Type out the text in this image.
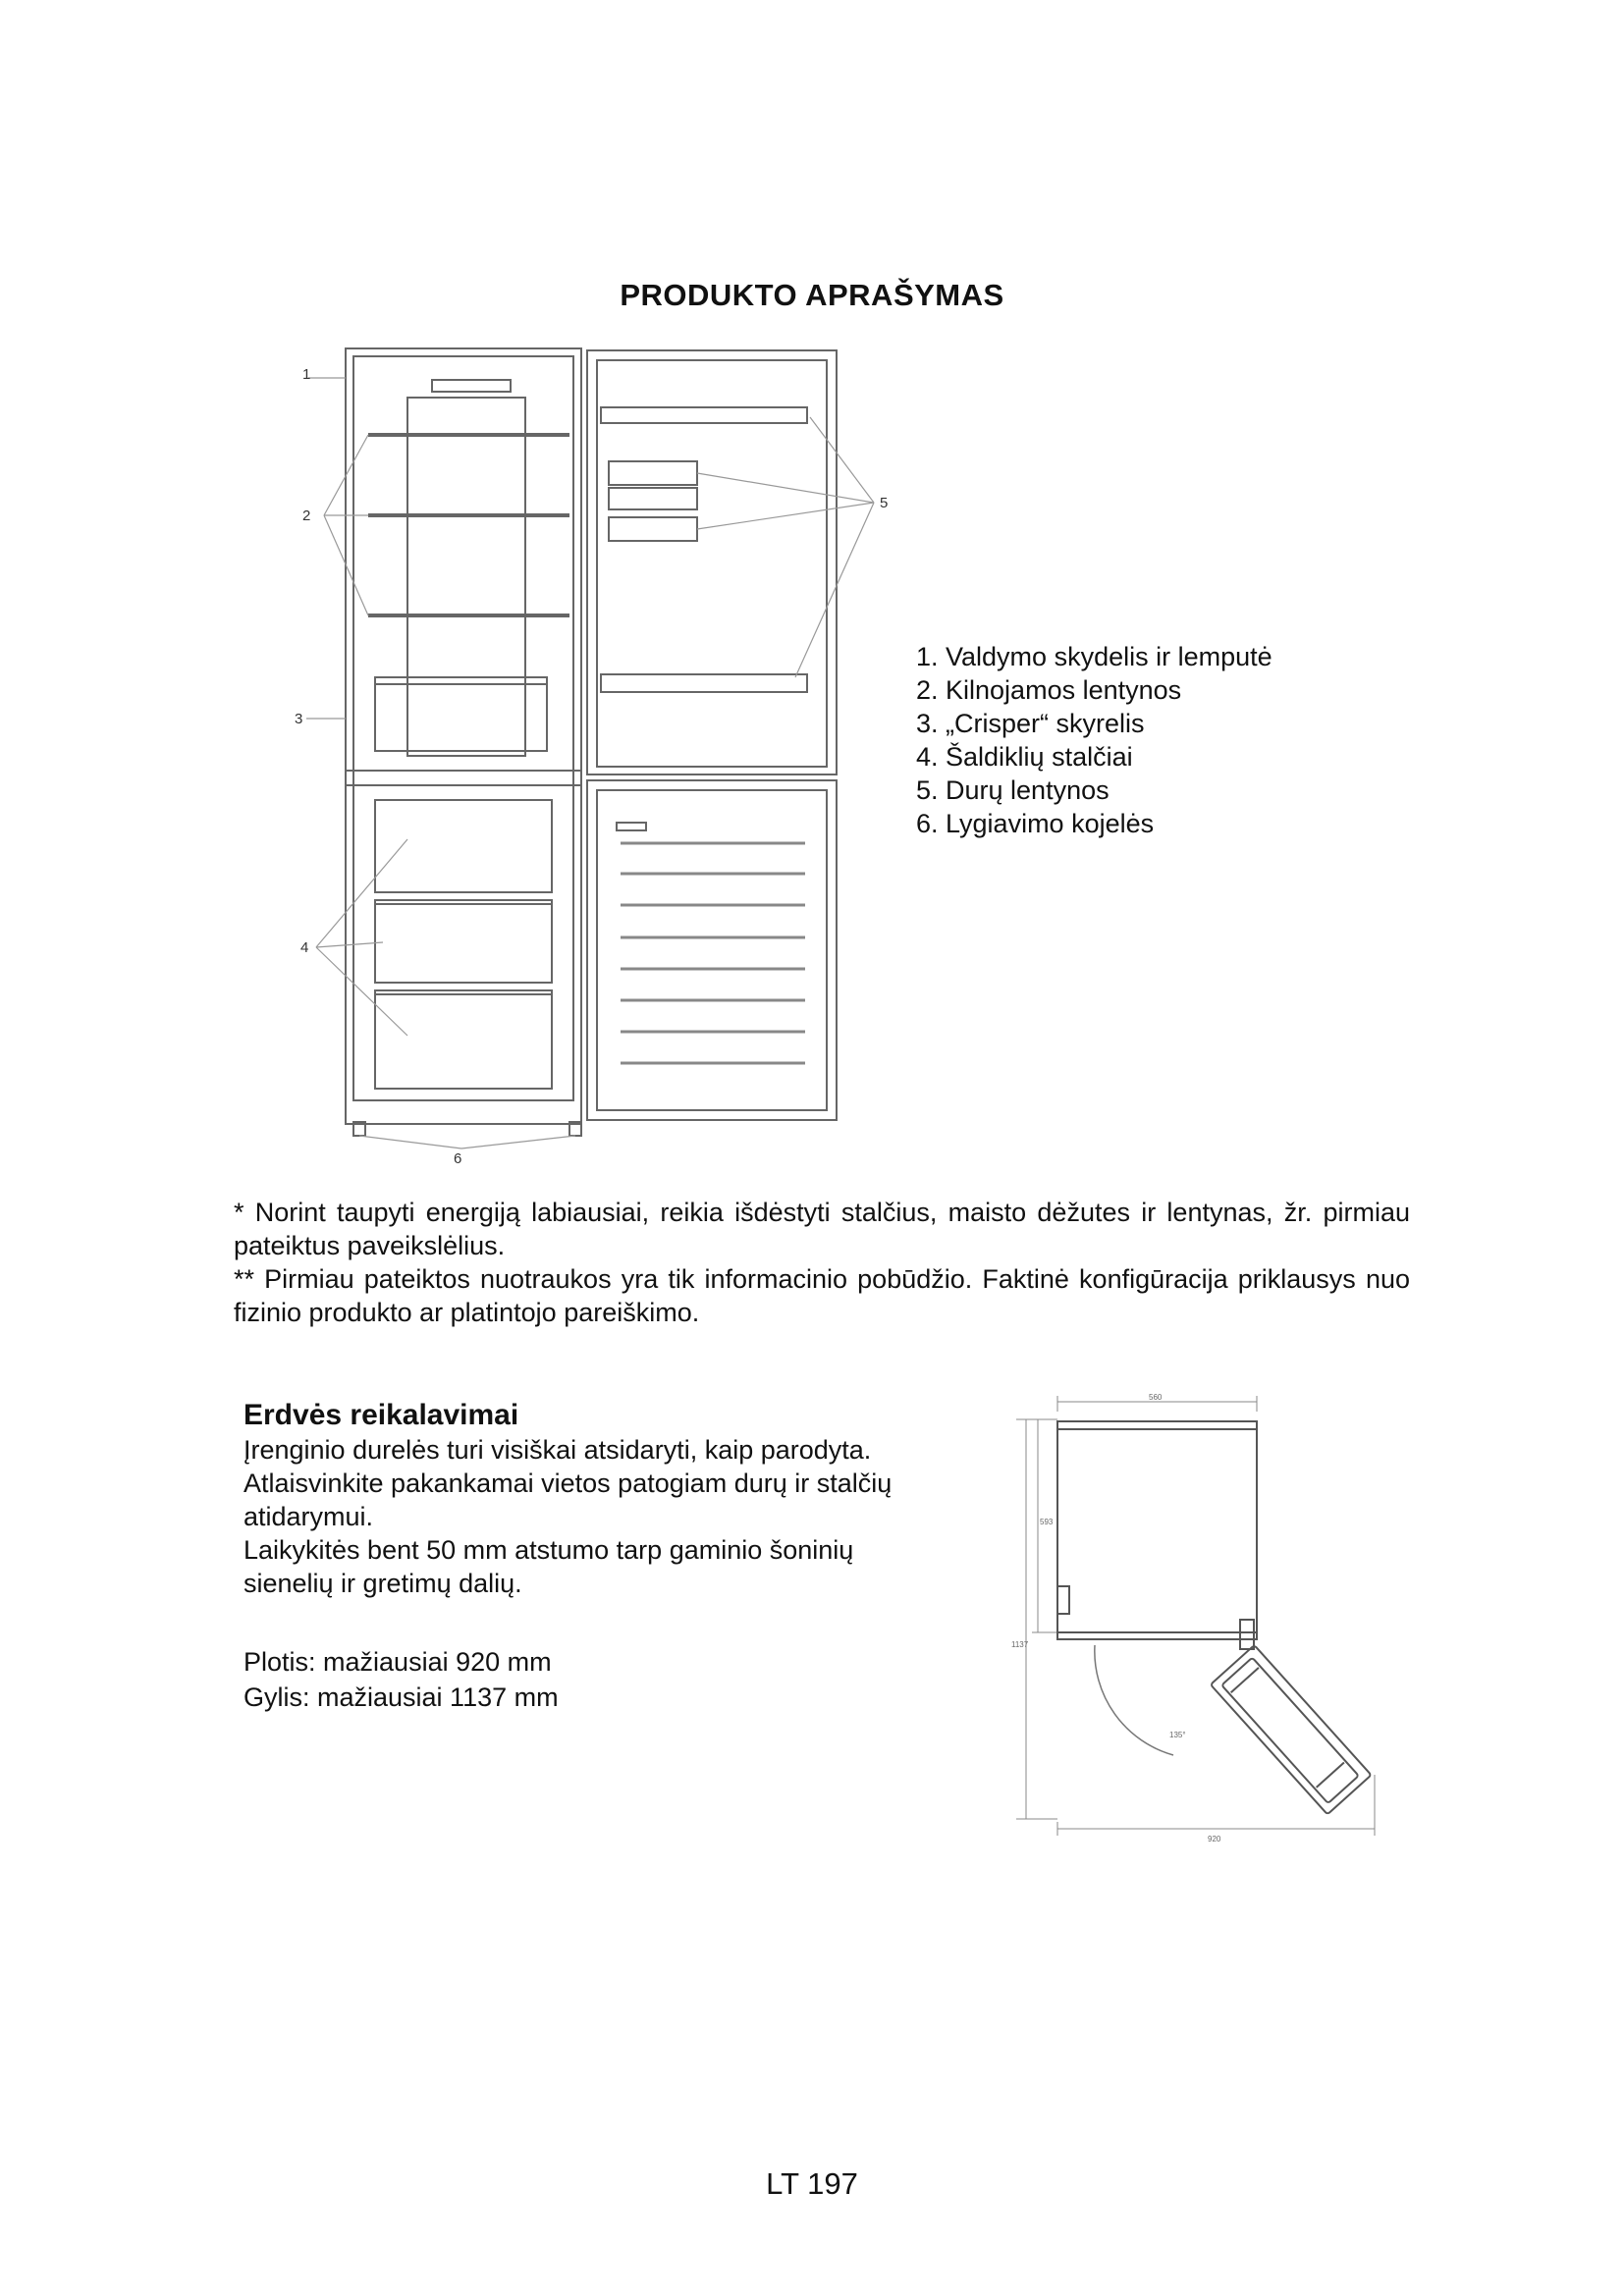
PRODUKTO APRAŠYMAS
1
2
3
4
5
6
1. Valdymo skydelis ir lemputė
2. Kilnojamos lentynos
3. „Crisper“ skyrelis
4. Šaldiklių stalčiai
5. Durų lentynos
6. Lygiavimo kojelės

* Norint taupyti energiją labiausiai, reikia išdėstyti stalčius, maisto dėžutes ir lentynas, žr. pirmiau pateiktus paveikslėlius.

** Pirmiau pateiktos nuotraukos yra tik informacinio pobūdžio. Faktinė konfigūracija priklausys nuo fizinio produkto ar platintojo pareiškimo.

Erdvės reikalavimai
Įrenginio durelės turi visiškai atsidaryti, kaip parodyta.
Atlaisvinkite pakankamai vietos patogiam durų ir stalčių
atidarymui.
Laikykitės bent 50 mm atstumo tarp gaminio šoninių
sienelių ir gretimų dalių.
Plotis: mažiausiai 920 mm
Gylis: mažiausiai 1137 mm
560
593
1137
920
135°
LT 197
